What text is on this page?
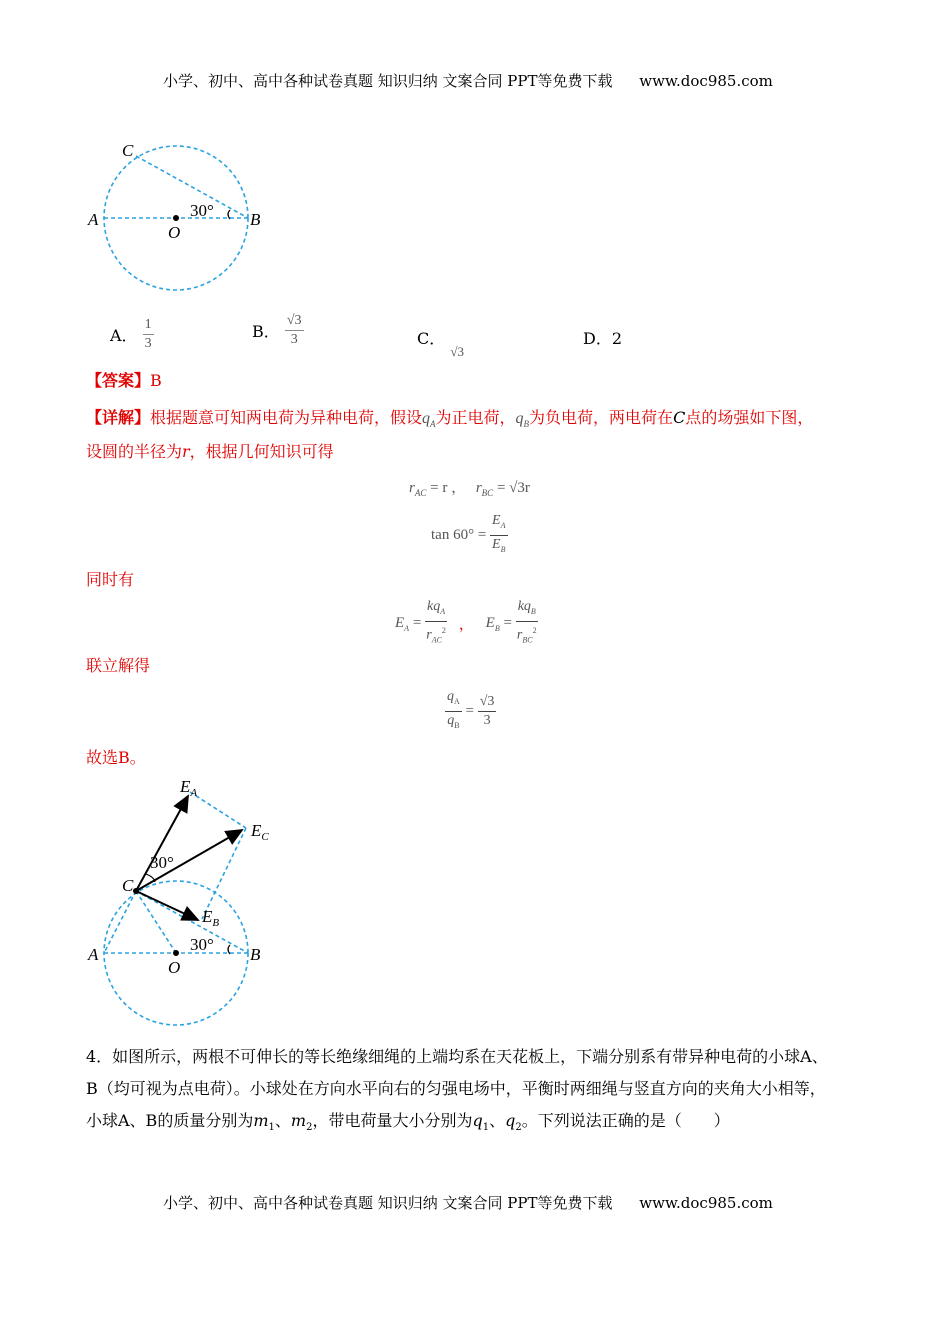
小学、初中、高中各种试卷真题 知识归纳 文案合同 PPT等免费下载 www.doc985.com
C
A
O
B
30°
A． $\frac{1}{3}$	B． $\frac{√3}{3}$	C． $_{√3}$
D．2
【答案】B
【详解】根据题意可知两电荷为异种电荷，假设$q_A$为正电荷，$q_B$为负电荷，两电荷在C点的场强如下图，
设圆的半径为r，根据几何知识可得
$r_{AC} = r$ ， $r_{BC} = √3r$
$\tan 60^\circ = \frac{E_A}{E_B}$
同时有
$E_A = \frac{kq_A}{r_{AC}^2}$ ， $E_B = \frac{kq_B}{r_{BC}^2}$
联立解得
$\frac{q_A}{q_B} = \frac{√3}{3}$
故选B。
$E_A$
$E_C$
$E_B$
C
A
O
B
30°
30°
4．如图所示，两根不可伸长的等长绝缘细绳的上端均系在天花板上，下端分别系有带异种电荷的小球A、
B（均可视为点电荷）。小球处在方向水平向右的匀强电场中，平衡时两细绳与竖直方向的夹角大小相等，
小球A、B的质量分别为$m_1$、$m_2$，带电荷量大小分别为$q_1$、$q_2$。下列说法正确的是（　　）
小学、初中、高中各种试卷真题 知识归纳 文案合同 PPT等免费下载 www.doc985.com
